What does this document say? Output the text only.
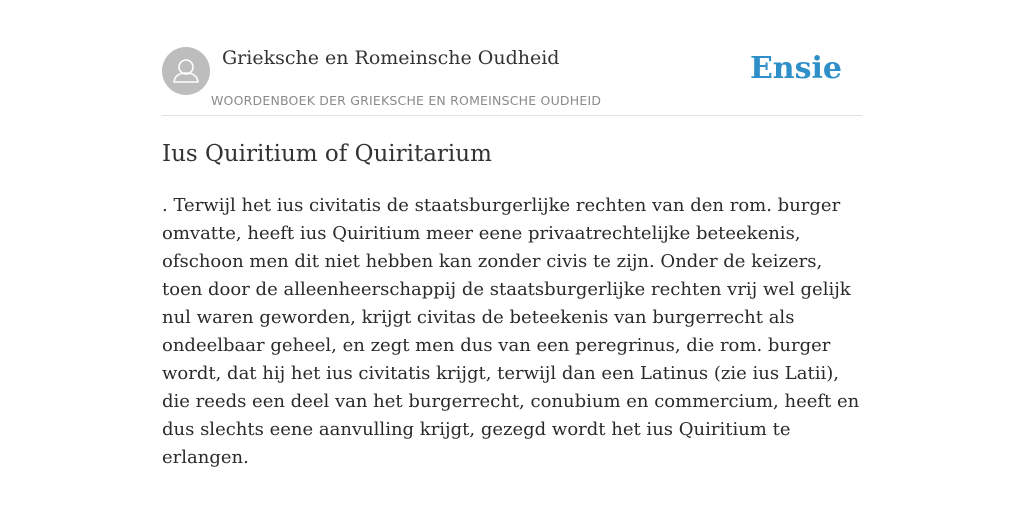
Grieksche en Romeinsche Oudheid
WOORDENBOEK DER GRIEKSCHE EN ROMEINSCHE OUDHEID
Ensie
Ius Quiritium of Quiritarium

. Terwijl het ius civitatis de staatsburgerlijke rechten van den rom. burger omvatte, heeft ius Quiritium meer eene privaatrechtelijke beteekenis, ofschoon men dit niet hebben kan zonder civis te zijn. Onder de keizers, toen door de alleenheerschappij de staatsburgerlijke rechten vrij wel gelijk nul waren geworden, krijgt civitas de beteekenis van burgerrecht als ondeelbaar geheel, en zegt men dus van een peregrinus, die rom. burger wordt, dat hij het ius civitatis krijgt, terwijl dan een Latinus (zie ius Latii), die reeds een deel van het burgerrecht, conubium en commercium, heeft en dus slechts eene aanvulling krijgt, gezegd wordt het ius Quiritium te erlangen.
